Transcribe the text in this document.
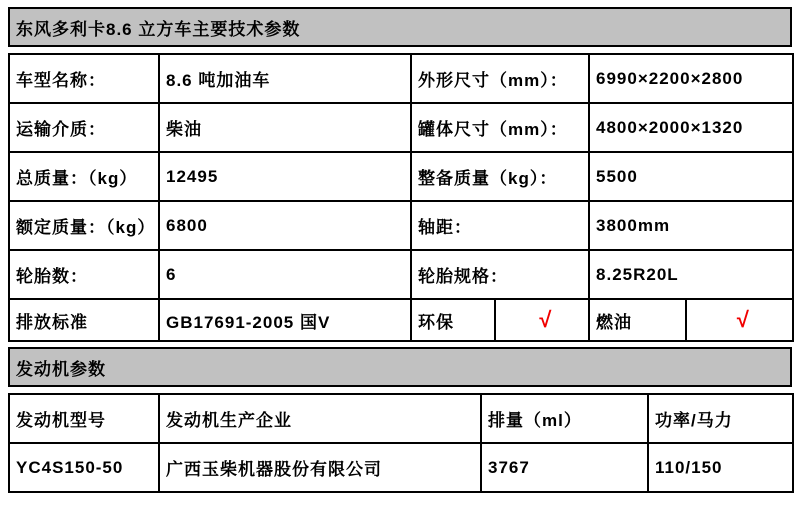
东风多利卡8.6 立方车主要技术参数
车型名称：	8.6 吨加油车	外形尺寸（mm）：		6990×2200×2800	
运输介质：	柴油	罐体尺寸（mm）：		4800×2000×1320	
总质量：（kg）	12495	整备质量（kg）：		5500	
额定质量：（kg）	6800	轴距：		3800mm	
轮胎数：	6	轮胎规格：		8.25R20L	
排放标准	GB17691-2005 国V	环保	√	燃油	√
发动机参数
发动机型号	发动机生产企业	排量（ml）	功率/马力
YC4S150-50	广西玉柴机器股份有限公司	3767	110/150
